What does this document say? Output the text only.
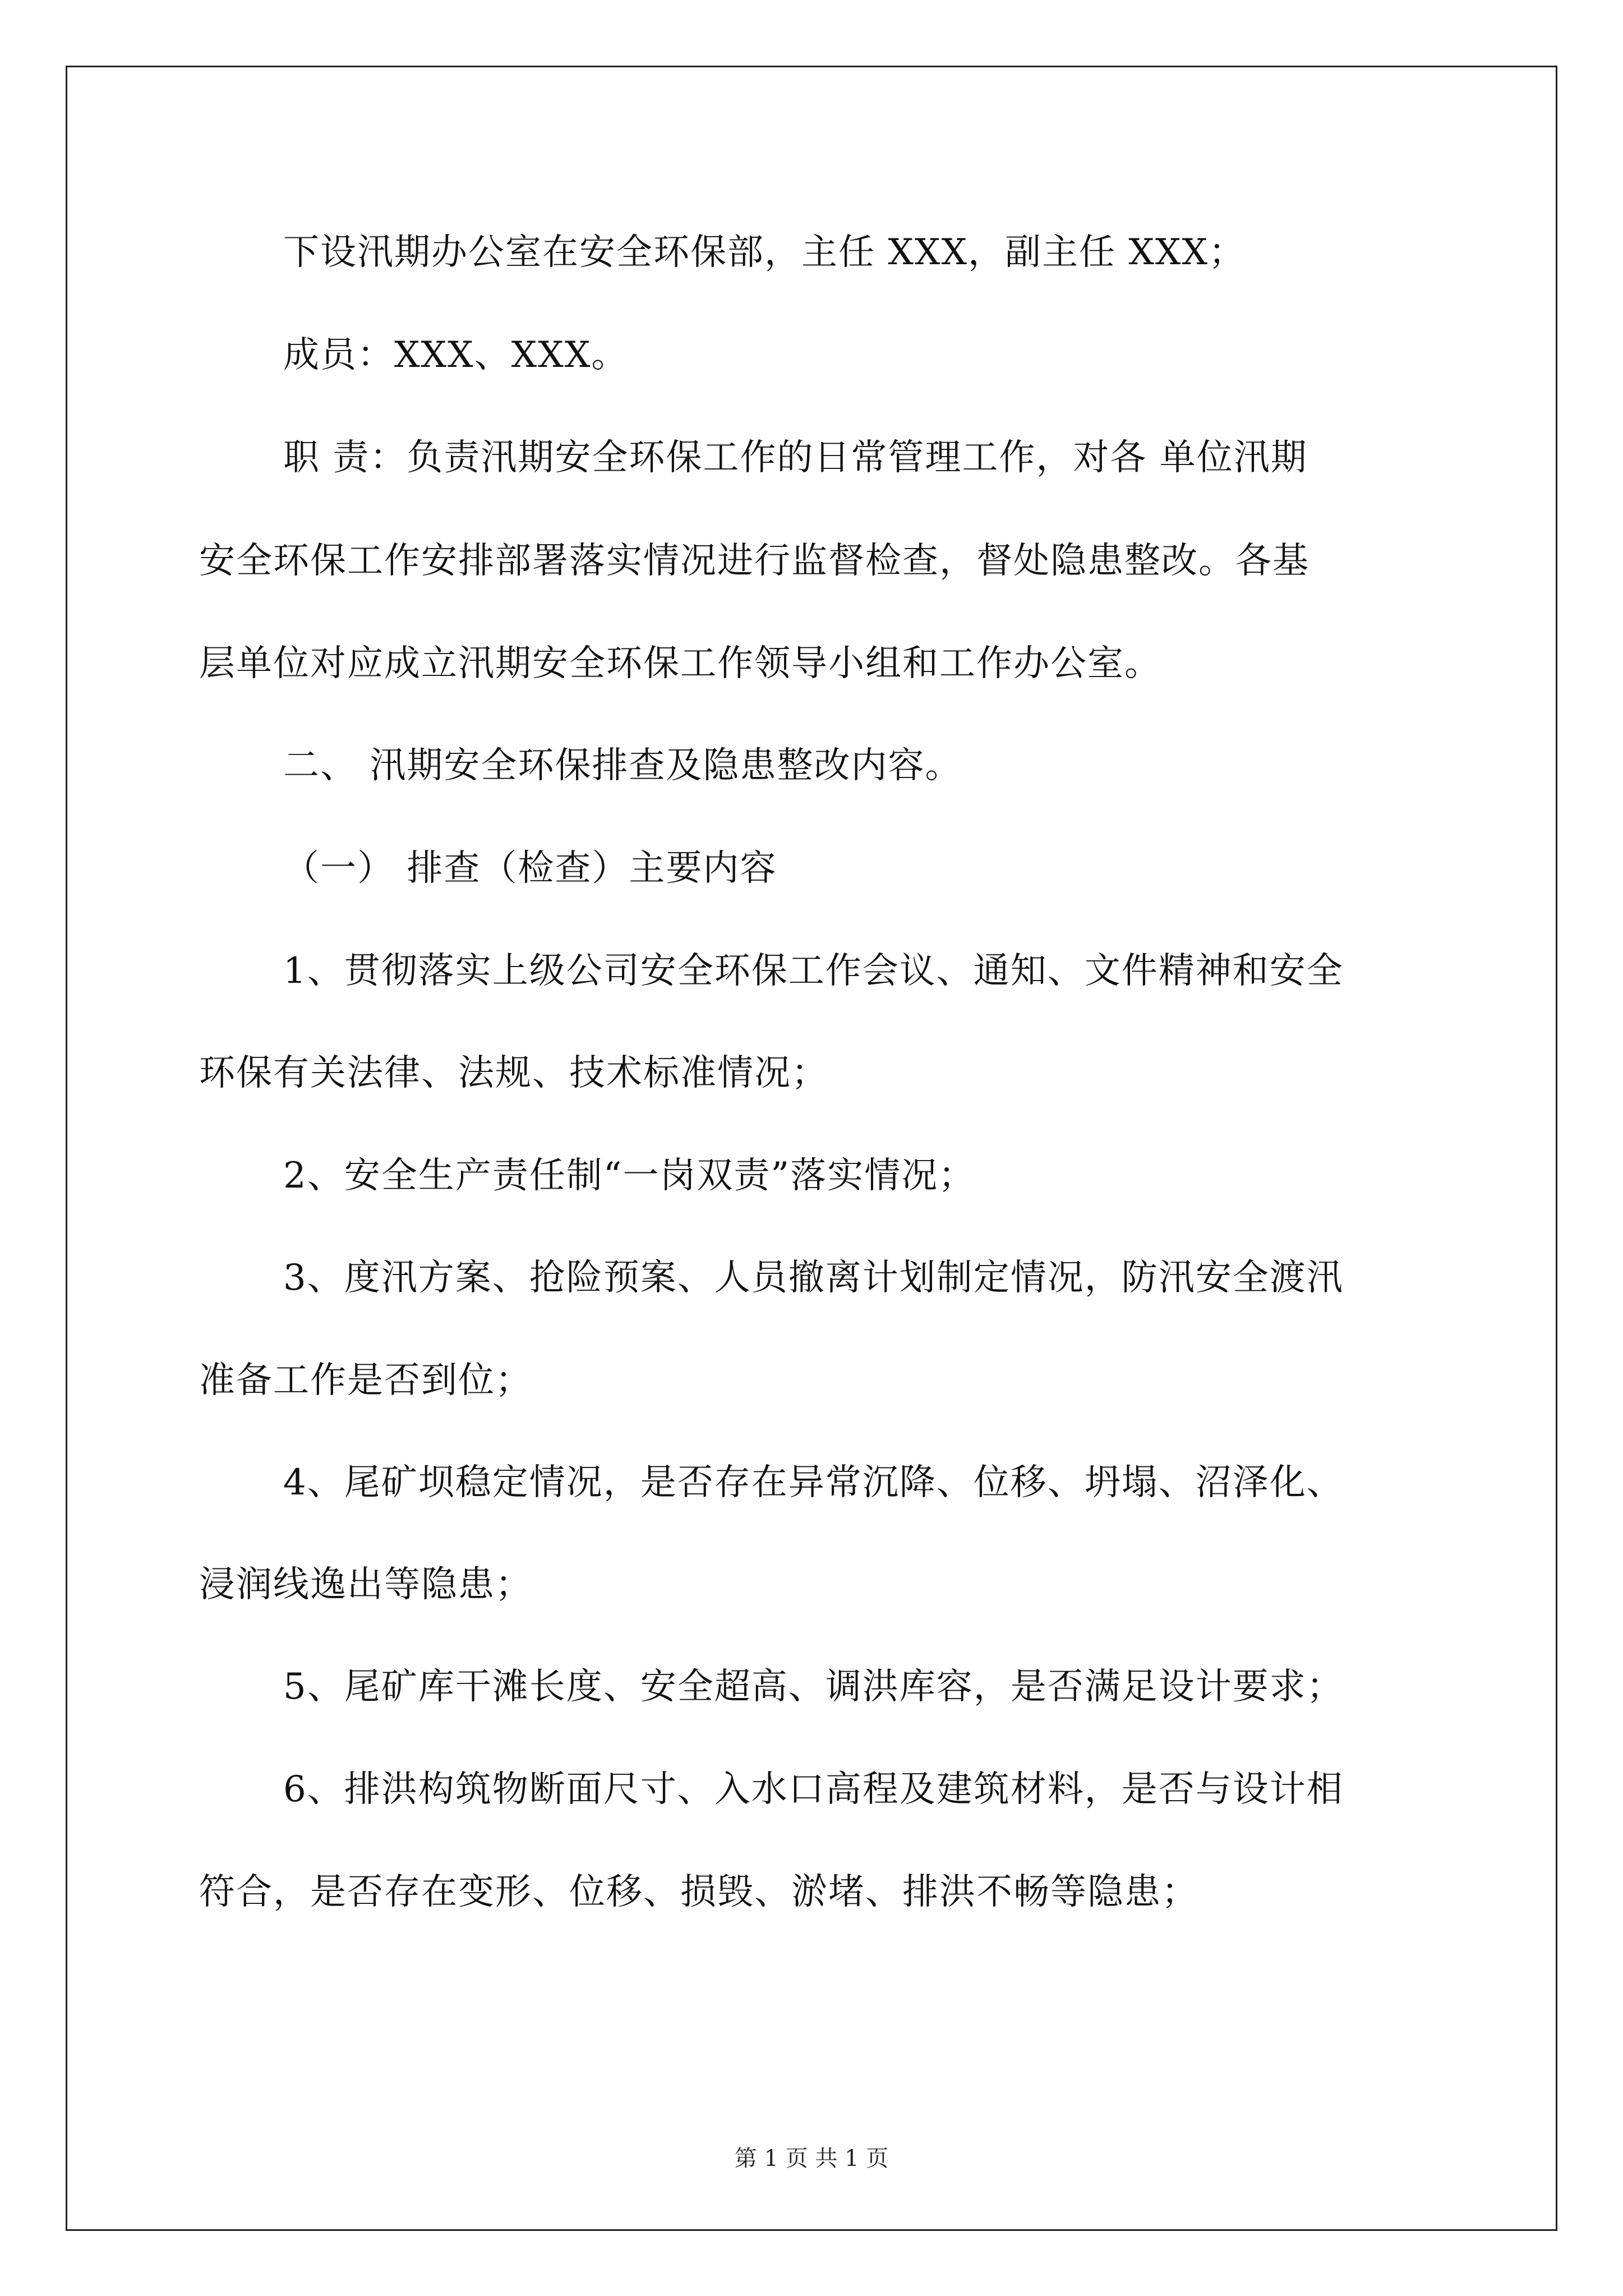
下设汛期办公室在安全环保部，主任 XXX，副主任 XXX；
成员：XXX、XXX。
职 责：负责汛期安全环保工作的日常管理工作，对各 单位汛期
安全环保工作安排部署落实情况进行监督检查，督处隐患整改。各基
层单位对应成立汛期安全环保工作领导小组和工作办公室。
二、 汛期安全环保排查及隐患整改内容。
（一） 排查（检查）主要内容
1、贯彻落实上级公司安全环保工作会议、通知、文件精神和安全
环保有关法律、法规、技术标准情况；
2、安全生产责任制“一岗双责”落实情况；
3、度汛方案、抢险预案、人员撤离计划制定情况，防汛安全渡汛
准备工作是否到位；
4、尾矿坝稳定情况，是否存在异常沉降、位移、坍塌、沼泽化、
浸润线逸出等隐患；
5、尾矿库干滩长度、安全超高、调洪库容，是否满足设计要求；
6、排洪构筑物断面尺寸、入水口高程及建筑材料，是否与设计相
符合，是否存在变形、位移、损毁、淤堵、排洪不畅等隐患；
第 1 页 共 1 页
